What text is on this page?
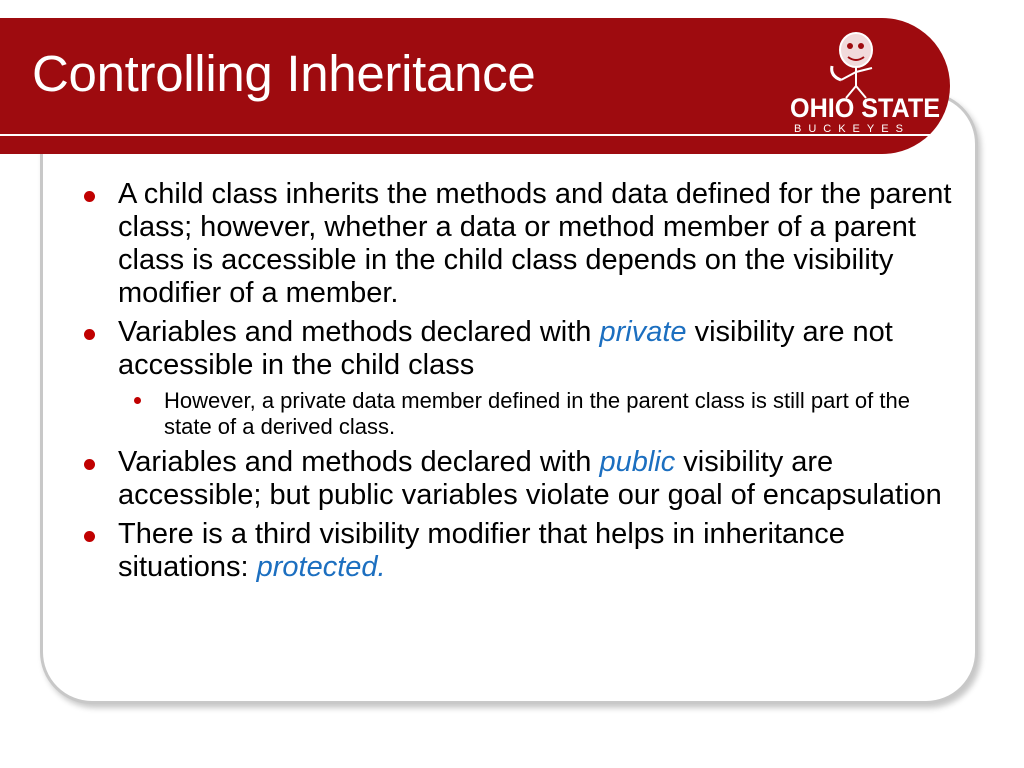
Controlling Inheritance
OHIO STATE
BUCKEYES	TM
A child class inherits the methods and data defined for the parent class; however, whether a data or method member of a parent class is accessible in the child class depends on the visibility modifier of a member.
Variables and methods declared with private visibility are not accessible in the child class
However, a private data member defined in the parent class is still part of the state of a derived class.
Variables and methods declared with public visibility are accessible; but public variables violate our goal of encapsulation
There is a third visibility modifier that helps in inheritance situations: protected.
